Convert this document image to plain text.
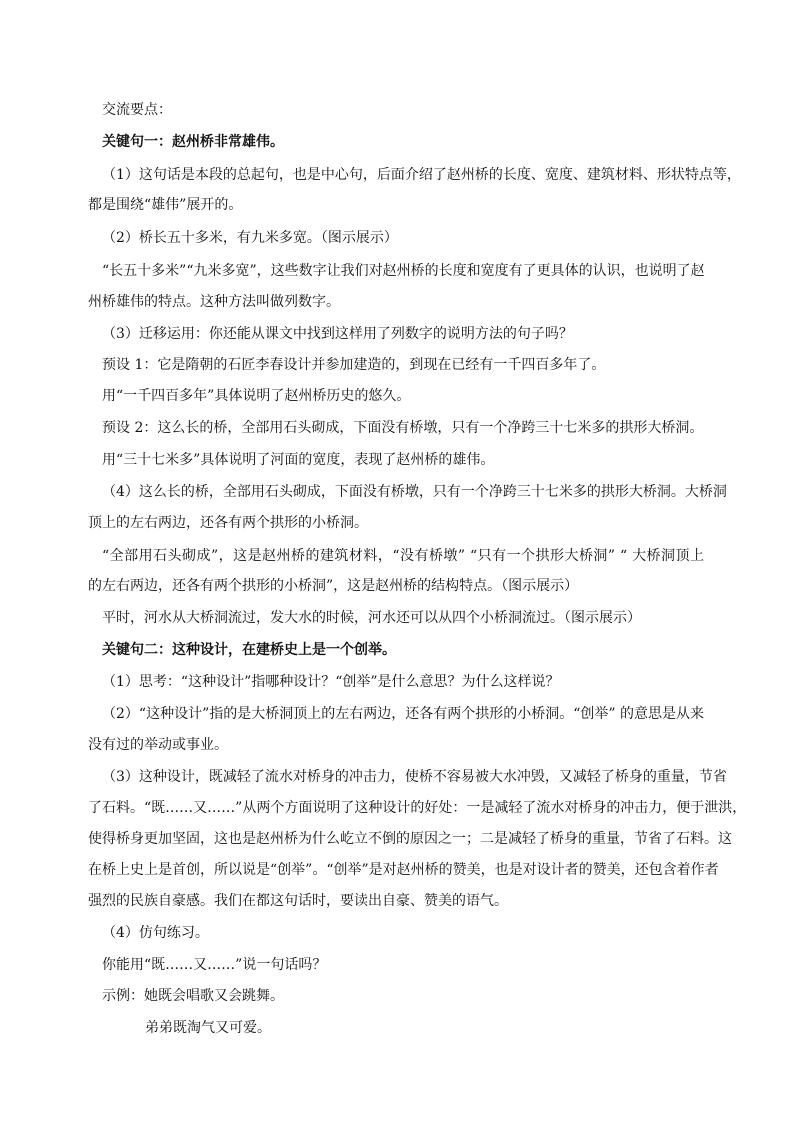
交流要点：
关键句一：赵州桥非常雄伟。
（1）这句话是本段的总起句，也是中心句，后面介绍了赵州桥的长度、宽度、建筑材料、形状特点等，
都是围绕“雄伟”展开的。
（2）桥长五十多米，有九米多宽。（图示展示）
“长五十多米”“九米多宽”，这些数字让我们对赵州桥的长度和宽度有了更具体的认识，也说明了赵
州桥雄伟的特点。这种方法叫做列数字。
（3）迁移运用：你还能从课文中找到这样用了列数字的说明方法的句子吗？
预设 1：它是隋朝的石匠李春设计并参加建造的，到现在已经有一千四百多年了。
用“一千四百多年”具体说明了赵州桥历史的悠久。
预设 2：这么长的桥，全部用石头砌成，下面没有桥墩，只有一个净跨三十七米多的拱形大桥洞。
用“三十七米多”具体说明了河面的宽度，表现了赵州桥的雄伟。
（4）这么长的桥，全部用石头砌成，下面没有桥墩，只有一个净跨三十七米多的拱形大桥洞。大桥洞
顶上的左右两边，还各有两个拱形的小桥洞。
“全部用石头砌成”，这是赵州桥的建筑材料，“没有桥墩” “只有一个拱形大桥洞” “ 大桥洞顶上
的左右两边，还各有两个拱形的小桥洞”，这是赵州桥的结构特点。（图示展示）
平时，河水从大桥洞流过，发大水的时候，河水还可以从四个小桥洞流过。（图示展示）
关键句二：这种设计，在建桥史上是一个创举。
（1）思考：“这种设计”指哪种设计？“创举”是什么意思？为什么这样说？
（2）“这种设计”指的是大桥洞顶上的左右两边，还各有两个拱形的小桥洞。“创举” 的意思是从来
没有过的举动或事业。
（3）这种设计，既减轻了流水对桥身的冲击力，使桥不容易被大水冲毁，又减轻了桥身的重量，节省
了石料。“既……又……”从两个方面说明了这种设计的好处：一是减轻了流水对桥身的冲击力，便于泄洪，
使得桥身更加坚固，这也是赵州桥为什么屹立不倒的原因之一；二是减轻了桥身的重量，节省了石料。这
在桥上史上是首创，所以说是“创举”。“创举”是对赵州桥的赞美，也是对设计者的赞美，还包含着作者
强烈的民族自豪感。我们在都这句话时，要读出自豪、赞美的语气。
（4）仿句练习。
你能用“既……又……”说一句话吗？
示例：她既会唱歌又会跳舞。
弟弟既淘气又可爱。
